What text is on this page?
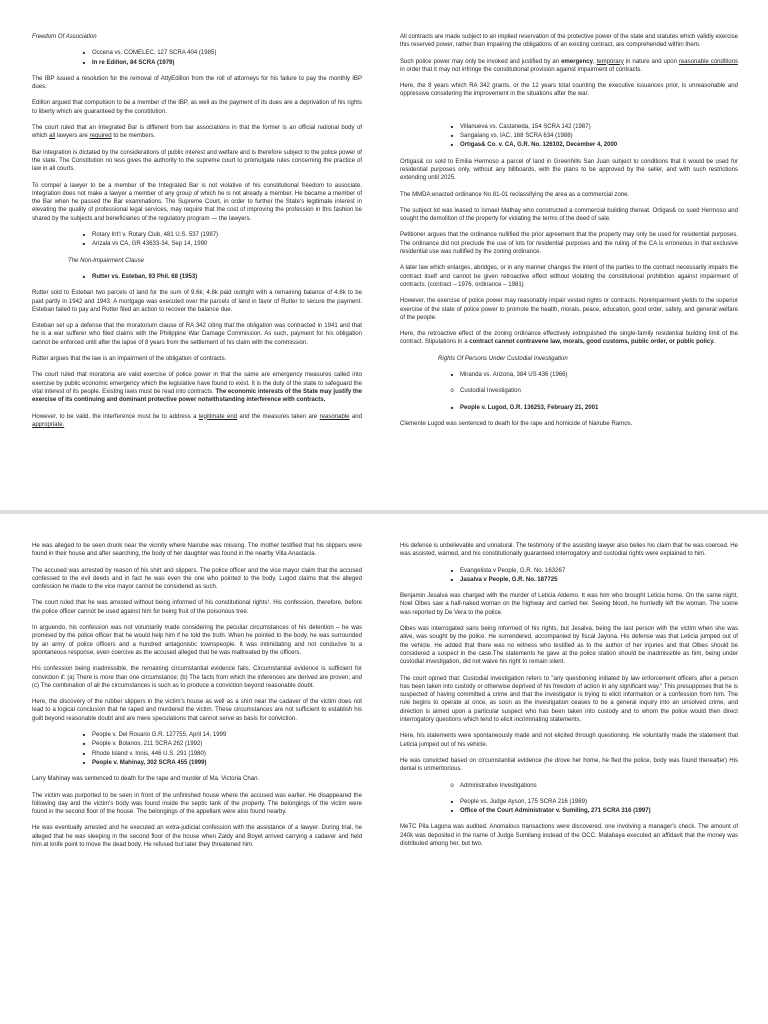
Freedom Of Association

■	Occena vs. COMELEC, 127 SCRA 404 (1985)
■	In re Edillon, 84 SCRA (1979)

The IBP issued a resolution for the removal of AttyEdillon from the roll of attorneys for his failure to pay the monthly IBP dues.

Edillon argued that compulsion to be a member of the IBP, as well as the payment of its dues are a deprivation of his rights to liberty which are guaranteed by the constitution.

The court ruled that an Integrated Bar is different from bar associations in that the former is an official national body of which all lawyers are required to be members.

Bar integration is dictated by the considerations of public interest and welfare and is therefore subject to the police power of the state. The Constitution no less gives the authority to the supreme court to promulgate rules concerning the practice of law in all courts.

To compel a lawyer to be a member of the Integrated Bar is not violative of his constitutional freedom to associate. Integration does not make a lawyer a member of any group of which he is not already a member. He became a member of the Bar when he passed the Bar examinations. The Supreme Court, in order to further the State's legitimate interest in elevating the quality of professional legal services, may require that the cost of improving the profession in this fashion be shared by the subjects and beneficiaries of the regulatory program — the lawyers.

■	Rotary Int'l v. Rotary Club, 481 U.S. 537 (1987)
■	Arizala vs CA, GR 43633-34, Sep 14, 1990

The Non-Impairment Clause

■	Rutter vs. Esteban, 93 Phil. 68 (1953)

Rutter sold to Esteban two parcels of land for the sum of 9.6k; 4.8k paid outright with a remaining balance of 4.8k to be paid partly in 1942 and 1943. A mortgage was executed over the parcels of land in favor of Rutter to secure the payment. Esteban failed to pay and Rutter filed an action to recover the balance due.

Esteban set up a defense that the moratorium clause of RA 342 citing that the obligation was contracted in 1941 and that he is a war sufferer who filed claims with the Philippine War Damage Commission. As such, payment for his obligation cannot be enforced until after the lapse of 8 years from the settlement of his claim with the commission.

Rutter argues that the law is an impairment of the obligation of contracts.

The court ruled that moratoria are valid exercise of police power in that the same are emergency measures called into exercise by public economic emergency which the legislative have found to exist. It is the duty of the state to safeguard the vital interest of its people. Existing laws must be read into contracts. The economic interests of the State may justify the exercise of its continuing and dominant protective power notwithstanding interference with contracts.

However, to be valid, the interference must be to address a legitimate end and the measures taken are reasonable and appropriate.

All contracts are made subject to an implied reservation of the protective power of the state and statutes which validly exercise this reserved power, rather than impairing the obligations of an existing contract, are comprehended within them.

Such police power may only be invoked and justified by an emergency, temporary in nature and upon reasonable conditions in order that it may not infringe the constitutional provision against impairment of contracts.

Here, the 8 years which RA 342 grants, or the 12 years total counting the executive issuances prior, is unreasonable and oppressive considering the improvement in the situations after the war.

■	Villanueva vs. Castaneda, 154 SCRA 142 (1987)
■	Sangalang vs. IAC, 168 SCRA 634 (1988)
■	Ortigas& Co. v. CA, G.R. No. 126102, December 4, 2000

Ortigas& co sold to Emilia Hermoso a parcel of land in Greenhills San Juan subject to conditions that it would be used for residential purposes only, without any billboards, with the plans to be approved by the seller, and with such restrictions extending until 2025.

The MMDA enacted ordinance No 81-01 reclassifying the area as a commercial zone.

The subject lot was leased to Ismael Mathay who constructed a commercial building thereat. Ortigas& co sued Hermoso and sought the demolition of the property for violating the terms of the deed of sale.

Petitioner argues that the ordinance nullified the prior agreement that the property may only be used for residential purposes. The ordinance did not preclude the use of lots for residential purposes and the ruling of the CA is erroneous in that exclusive residential use was nullified by the zoning ordinance.

A later law which enlarges, abridges, or in any manner changes the intent of the parties to the contract necessarily impairs the contract itself and cannot be given retroactive effect without violating the constitutional prohibition against impairment of contracts. (contract – 1976, ordinance – 1981)

However, the exercise of police power may reasonably impair vested rights or contracts. Nonimpairment yields to the superior exercise of the state of police power to promote the health, morals, peace, education, good order, safety, and general welfare of the people.

Here, the retroactive effect of the zoning ordinance effectively extinguished the single-family residential building limit of the contract. Stipulations in a contract cannot contravene law, morals, good customs, public order, or public policy.

Rights Of Persons Under Custodial Investigation

■	Miranda vs. Arizona, 384 US 436 (1966)
o	Custodial Investigation
■	People v. Lugod, G.R. 136253, February 21, 2001

Clemente Lugod was sentenced to death for the rape and homicide of Nairube Ramos.

He was alleged to be seen drunk near the vicinity where Nairube was missing. The mother testified that his slippers were found in their house and after searching, the body of her daughter was found in the nearby Villa Anastacia.

The accused was arrested by reason of his shirt and slippers. The police officer and the vice mayor claim that the accused confessed to the evil deeds and in fact he was even the one who pointed to the body. Lugod claims that the alleged confession he made to the vice mayor cannot be considered as such.

The court ruled that he was arrested without being informed of his constitutional rights¹. His confession, therefore, before the police officer cannot be used against him for being fruit of the poisonous tree.

In arguendo, his confession was not voluntarily made considering the peculiar circumstances of his detention – he was promised by the police officer that he would help him if he told the truth. When he pointed to the body, he was surrounded by an army of police officers and a hundred antagonistic townspeople. It was intimidating and not conducive to a spontaneous response, even coercive as the accused alleged that he was maltreated by the officers.

His confession being inadmissible, the remaining circumstantial evidence fails. Circumstantial evidence is sufficient for conviction if: (a) There is more than one circumstance; (b) The facts from which the inferences are derived are proven; and (c) The combination of all the circumstances is such as to produce a conviction beyond reasonable doubt.

Here, the discovery of the rubber slippers in the victim's house as well as a shirt near the cadaver of the victim does not lead to a logical conclusion that he raped and murdered the victim. These circumstances are not sufficient to establish his guilt beyond reasonable doubt and are mere speculations that cannot serve as basis for conviction.

■	People v. Del Rosario G.R. 127755, April 14, 1999
■	People v. Bolanos, 211 SCRA 262 (1992)
■	Rhode Island v. Innis, 446 U.S. 291 (1980)
■	People v. Mahinay, 302 SCRA 455 (1999)

Larry Mahinay was sentenced to death for the rape and murder of Ma. Victoria Chan.

The victim was purported to be seen in front of the unfinished house where the accused was earlier. He disappeared the following day and the victim's body was found inside the septic tank of the property. The belongings of the victim were found in the second floor of the house. The belongings of the appellant were also found nearby.

He was eventually arrested and he executed an extra-judicial confession with the assistance of a lawyer. During trial, he alleged that he was sleeping in the second floor of the house when Zaldy and Boyet arrived carrying a cadaver and held him at knife point to move the dead body. He refused but later they threatened him.

His defense is unbelievable and unnatural. The testimony of the assisting lawyer also belies his claim that he was coerced. He was assisted, warned, and his constitutionally guaranteed interrogatory and custodial rights were explained to him.

■	Evangelista v People, G.R. No. 163267
■	Jasalva v People, G.R. No. 187725

Benjamin Jesalva was charged with the murder of Leticia Aldemo. It was him who brought Leticia home. On the same night, Noel Olbes saw a half-naked woman on the highway and carried her. Seeing blood, he hurriedly left the woman. The scene was reported by De Vera to the police.

Olbes was interrogated sans being informed of his rights, but Jesalva, being the last person with the victim when she was alive, was sought by the police. He surrendered, accompanied by fiscal Jayona. His defense was that Leticia jumped out of the vehicle. He added that there was no witness who testified as to the author of her injuries and that Olbes should be considered a suspect in the case.The statements he gave at the police station should be inadmissible as him, being under custodial investigation, did not waive his right to remain silent.

The court opined that: Custodial investigation refers to "any questioning initiated by law enforcement officers after a person has been taken into custody or otherwise deprived of his freedom of action in any significant way." This presupposes that he is suspected of having committed a crime and that the investigator is trying to elicit information or a confession from him. The rule begins to operate at once, as soon as the investigation ceases to be a general inquiry into an unsolved crime, and direction is aimed upon a particular suspect who has been taken into custody and to whom the police would then direct interrogatory questions which tend to elicit incriminating statements.

Here, his statements were spontaneously made and not elicited through questioning. He voluntarily made the statement that Leticia jumped out of his vehicle.

He was convicted based on circumstantial evidence (he drove her home, he fled the police, body was found thereafter) His denial is unmeritorious.

o	Administrative Investigations
■	People vs. Judge Ayson, 175 SCRA 216 (1989)
■	Office of the Court Administrator v. Sumiling, 271 SCRA 316 (1997)

MeTC Pila Laguna was audited. Anomalous transactions were discovered, one involving a manager's check. The amount of 240k was deposited in the name of Judge Sumilang instead of the OCC. Malabaya executed an affidavit that the money was distributed among her, but two.
